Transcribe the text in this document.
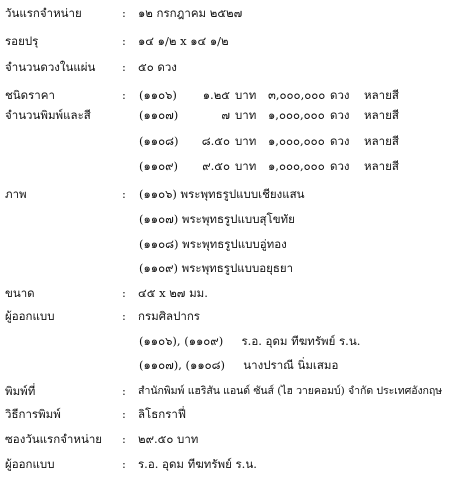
วันแรกจำหน่าย	: ๑๒ กรกฎาคม ๒๕๒๗
รอยปรุ	: ๑๔ ๑/๒ x ๑๔ ๑/๒
จำนวนดวงในแผ่น : ๕๐ ดวง
ชนิดราคา	: (๑๑๐๖)	๑.๒๕ บาท ๓,๐๐๐,๐๐๐ ดวง หลายสี
จำนวนพิมพ์และสี	(๑๑๐๗)	๗ บาท ๑,๐๐๐,๐๐๐ ดวง หลายสี
(๑๑๐๘)	๘.๕๐ บาท ๑,๐๐๐,๐๐๐ ดวง หลายสี
(๑๑๐๙)	๙.๕๐ บาท ๑,๐๐๐,๐๐๐ ดวง หลายสี
ภาพ	: (๑๑๐๖) พระพุทธรูปแบบเชียงแสน
(๑๑๐๗) พระพุทธรูปแบบสุโขทัย
(๑๑๐๘) พระพุทธรูปแบบอู่ทอง
(๑๑๐๙) พระพุทธรูปแบบอยุธยา
ขนาด	: ๔๕ x ๒๗ มม.
ผู้ออกแบบ	: กรมศิลปากร
(๑๑๐๖), (๑๑๐๙)     ร.อ. อุดม ทีฆทรัพย์ ร.น.
(๑๑๐๗), (๑๑๐๘)     นางปราณี นิ่มเสมอ
พิมพ์ที่	: สำนักพิมพ์ แฮริสัน แอนด์ ซันส์ (ไฮ วายคอมบ์) จำกัด ประเทศอังกฤษ
วิธีการพิมพ์	: ลิโธกราฟี่
ซองวันแรกจำหน่าย : ๒๙.๕๐ บาท
ผู้ออกแบบ	: ร.อ. อุดม ทีฆทรัพย์ ร.น.
